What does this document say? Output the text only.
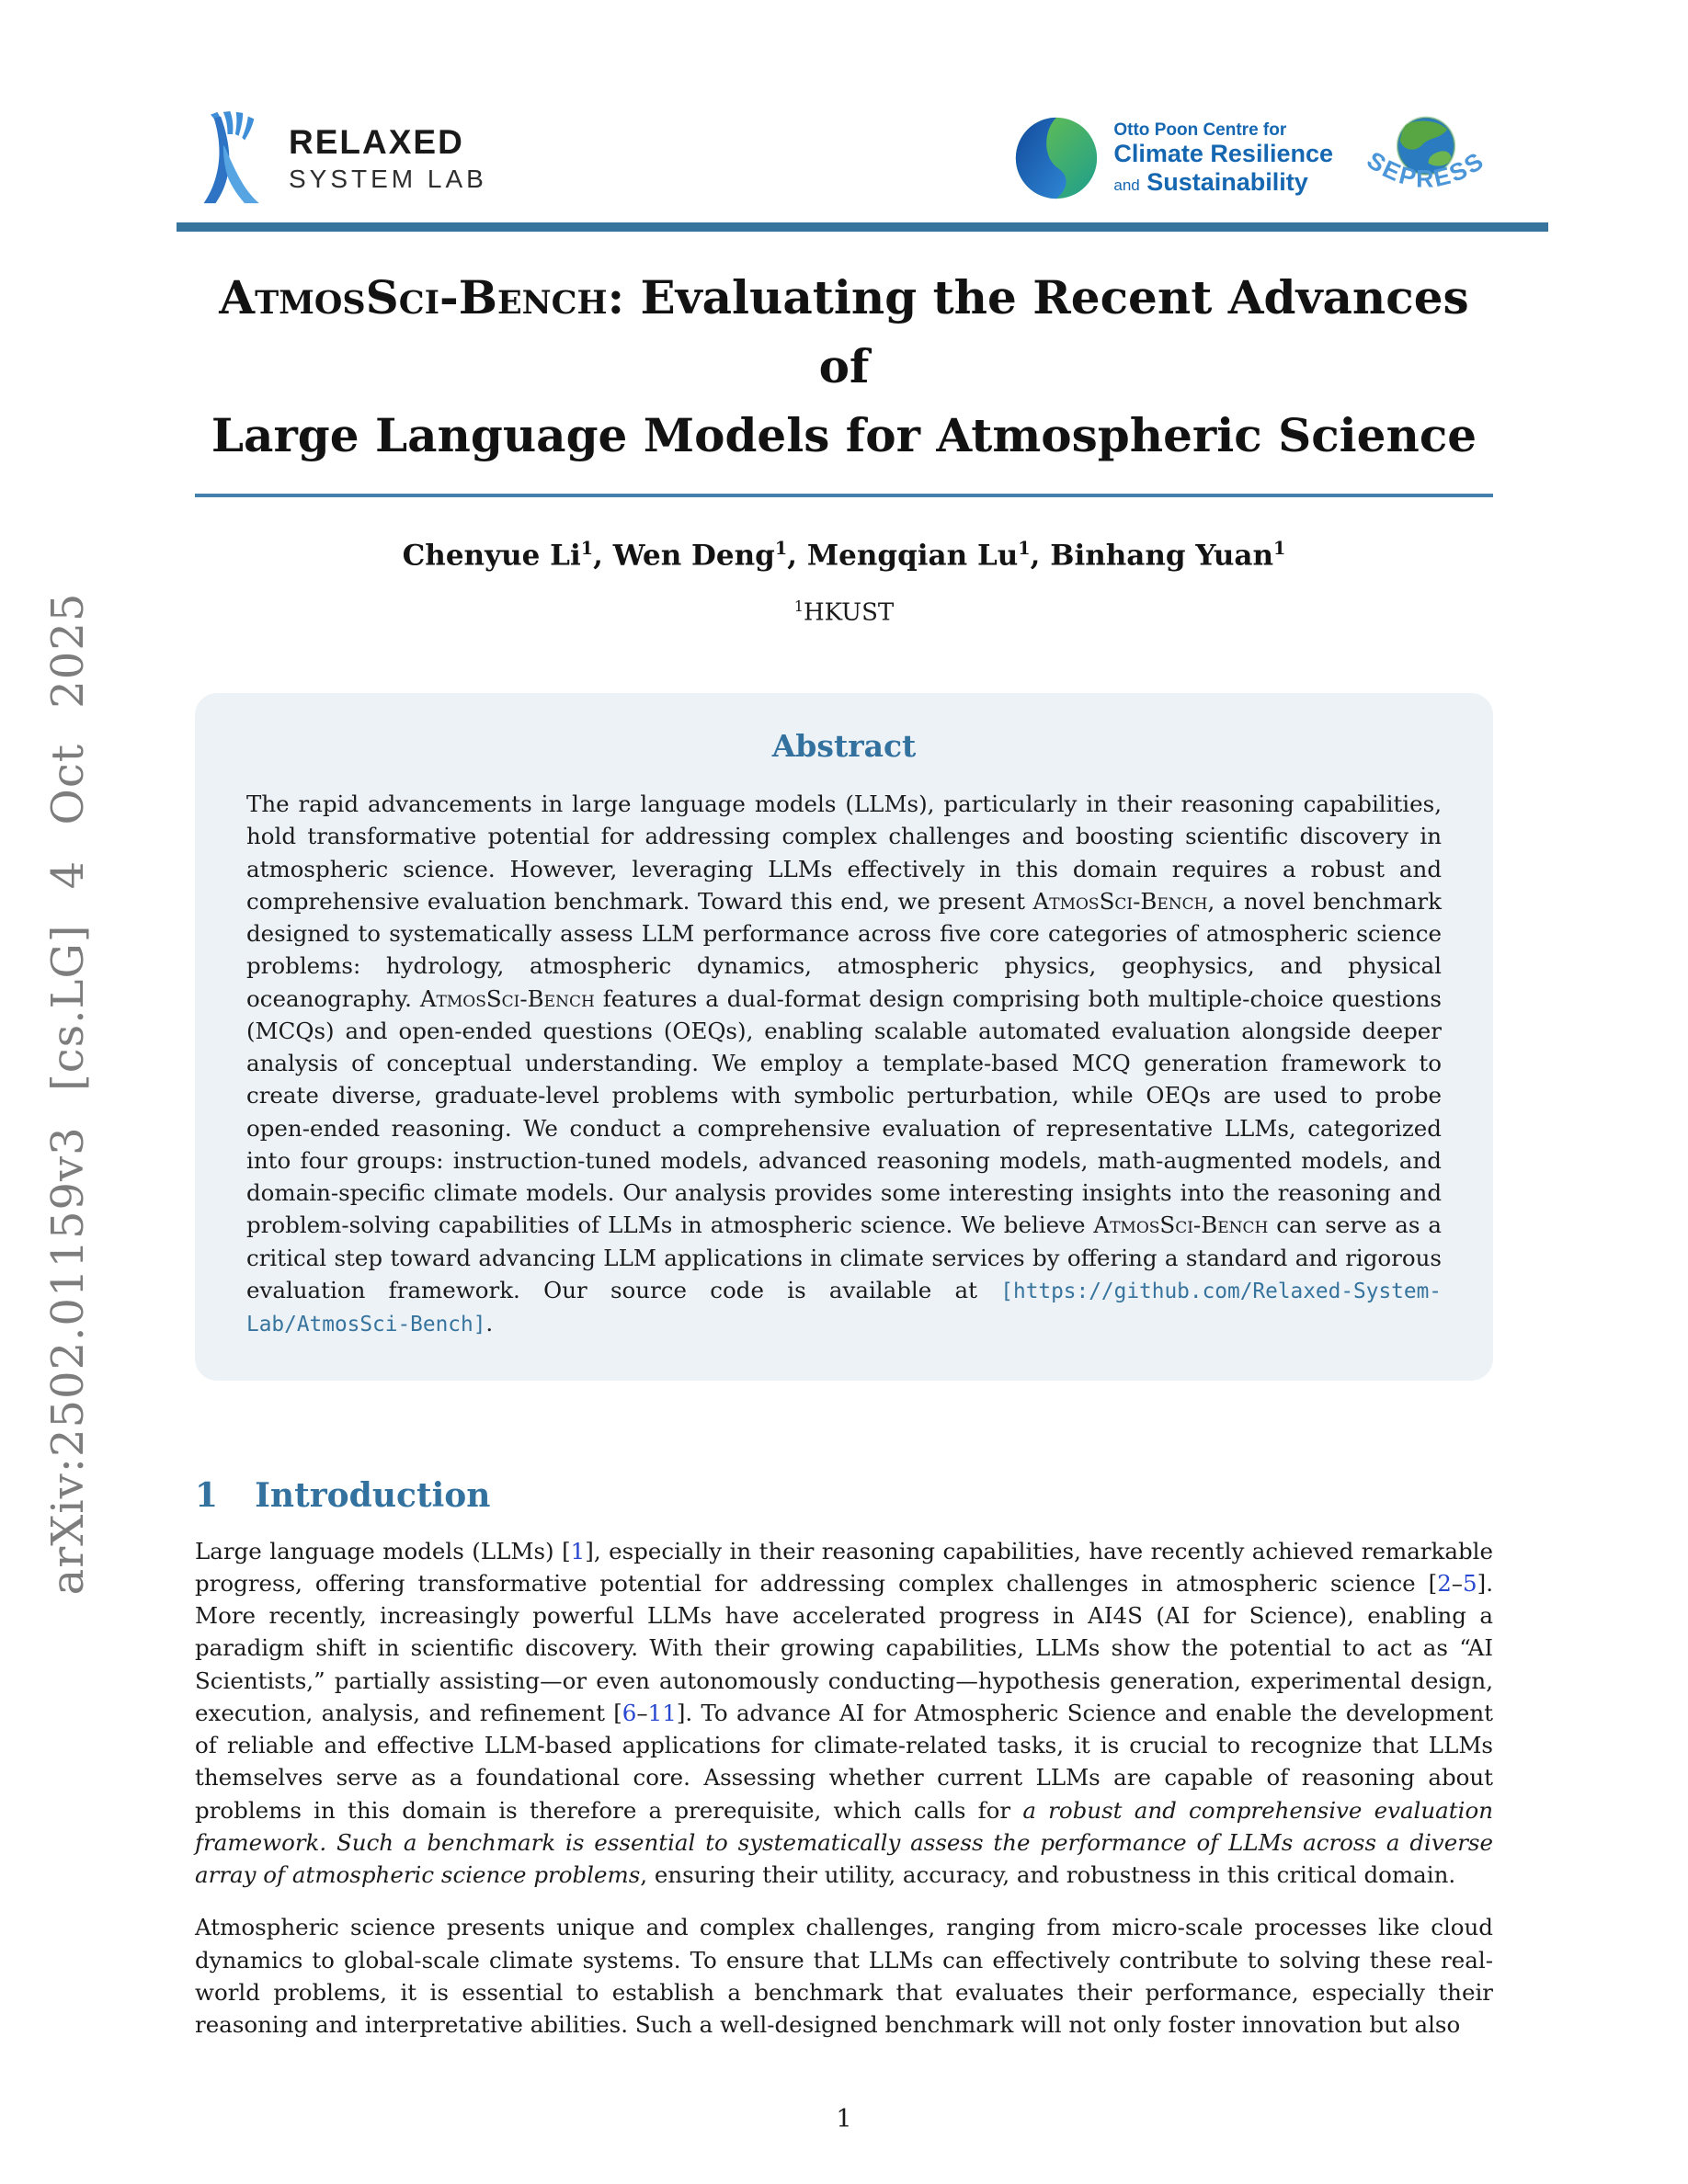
arXiv:2502.01159v3 [cs.LG] 4 Oct 2025
RELAXED
SYSTEM LAB
Otto Poon Centre for
Climate Resilience
and Sustainability
SEPRESS
AtmosSci-Bench: Evaluating the Recent Advances of
Large Language Models for Atmospheric Science
Chenyue Li$^1$, Wen Deng$^1$, Mengqian Lu$^1$, Binhang Yuan$^1$
$^1$HKUST
Abstract
The rapid advancements in large language models (LLMs), particularly in their reasoning capabilities, hold transformative potential for addressing complex challenges and boosting scientific discovery in atmospheric science. However, leveraging LLMs effectively in this domain requires a robust and comprehensive evaluation benchmark. Toward this end, we present AtmosSci-Bench, a novel benchmark designed to systematically assess LLM performance across five core categories of atmospheric science problems: hydrology, atmospheric dynamics, atmospheric physics, geophysics, and physical oceanography. AtmosSci-Bench features a dual-format design comprising both multiple-choice questions (MCQs) and open-ended questions (OEQs), enabling scalable automated evaluation alongside deeper analysis of conceptual understanding. We employ a template-based MCQ generation framework to create diverse, graduate-level problems with symbolic perturbation, while OEQs are used to probe open-ended reasoning. We conduct a comprehensive evaluation of representative LLMs, categorized into four groups: instruction-tuned models, advanced reasoning models, math-augmented models, and domain-specific climate models. Our analysis provides some interesting insights into the reasoning and problem-solving capabilities of LLMs in atmospheric science. We believe AtmosSci-Bench can serve as a critical step toward advancing LLM applications in climate services by offering a standard and rigorous evaluation framework. Our source code is available at [https://github.com/Relaxed-System-Lab/AtmosSci-Bench].
1 Introduction
Large language models (LLMs) [1], especially in their reasoning capabilities, have recently achieved remarkable progress, offering transformative potential for addressing complex challenges in atmospheric science [2–5]. More recently, increasingly powerful LLMs have accelerated progress in AI4S (AI for Science), enabling a paradigm shift in scientific discovery. With their growing capabilities, LLMs show the potential to act as “AI Scientists,” partially assisting—or even autonomously conducting—hypothesis generation, experimental design, execution, analysis, and refinement [6–11]. To advance AI for Atmospheric Science and enable the development of reliable and effective LLM-based applications for climate-related tasks, it is crucial to recognize that LLMs themselves serve as a foundational core. Assessing whether current LLMs are capable of reasoning about problems in this domain is therefore a prerequisite, which calls for a robust and comprehensive evaluation framework. Such a benchmark is essential to systematically assess the performance of LLMs across a diverse array of atmospheric science problems, ensuring their utility, accuracy, and robustness in this critical domain.
Atmospheric science presents unique and complex challenges, ranging from micro-scale processes like cloud dynamics to global-scale climate systems. To ensure that LLMs can effectively contribute to solving these real-world problems, it is essential to establish a benchmark that evaluates their performance, especially their reasoning and interpretative abilities. Such a well-designed benchmark will not only foster innovation but also
1
